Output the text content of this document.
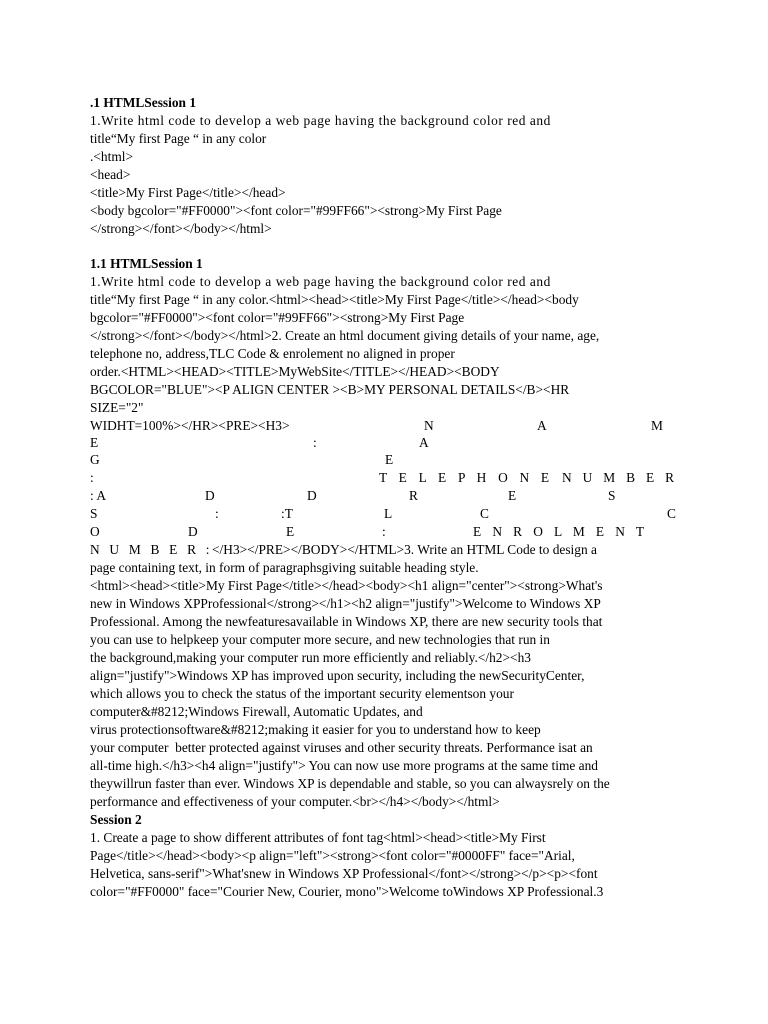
.1 HTMLSession 1
1.Write html code to develop a web page having the background color red and
title“My first Page “ in any color
.<html>
<head>
<title>My First Page</title></head>
<body bgcolor="#FF0000"><font color="#99FF66"><strong>My First Page
</strong></font></body></html>
1.1 HTMLSession 1
1.Write html code to develop a web page having the background color red and
title“My first Page “ in any color.<html><head><title>My First Page</title></head><body
bgcolor="#FF0000"><font color="#99FF66"><strong>My First Page
</strong></font></body></html>2. Create an html document giving details of your name, age,
telephone no, address,TLC Code & enrolement no aligned in proper
order.<HTML><HEAD><TITLE>MyWebSite</TITLE></HEAD><BODY
BGCOLOR="BLUE"><P ALIGN CENTER ><B>MY PERSONAL DETAILS</B><HR
SIZE="2"
WIDHT=100%></HR><PRE><H3>	N	A	M
E	:	A
G	E
:	T E L E P H O N E N U M B E R
: A	D	D	R	E	S
S	:	:T	L	C	C
O	D	E	:	E N R O L M E N T
N U M B E R : </H3></PRE></BODY></HTML>3. Write an HTML Code to design a
page containing text, in form of paragraphsgiving suitable heading style.
<html><head><title>My First Page</title></head><body><h1 align="center"><strong>What's
new in Windows XPProfessional</strong></h1><h2 align="justify">Welcome to Windows XP
Professional. Among the newfeaturesavailable in Windows XP, there are new security tools that
you can use to helpkeep your computer more secure, and new technologies that run in
the background,making your computer run more efficiently and reliably.</h2><h3
align="justify">Windows XP has improved upon security, including the newSecurityCenter,
which allows you to check the status of the important security elementson your
computer&#8212;Windows Firewall, Automatic Updates, and
virus protectionsoftware&#8212;making it easier for you to understand how to keep
your computer  better protected against viruses and other security threats. Performance isat an
all-time high.</h3><h4 align="justify"> You can now use more programs at the same time and
theywillrun faster than ever. Windows XP is dependable and stable, so you can alwaysrely on the
performance and effectiveness of your computer.<br></h4></body></html>
Session 2
1. Create a page to show different attributes of font tag<html><head><title>My First
Page</title></head><body><p align="left"><strong><font color="#0000FF" face="Arial,
Helvetica, sans-serif">What'snew in Windows XP Professional</font></strong></p><p><font
color="#FF0000" face="Courier New, Courier, mono">Welcome toWindows XP Professional.3
